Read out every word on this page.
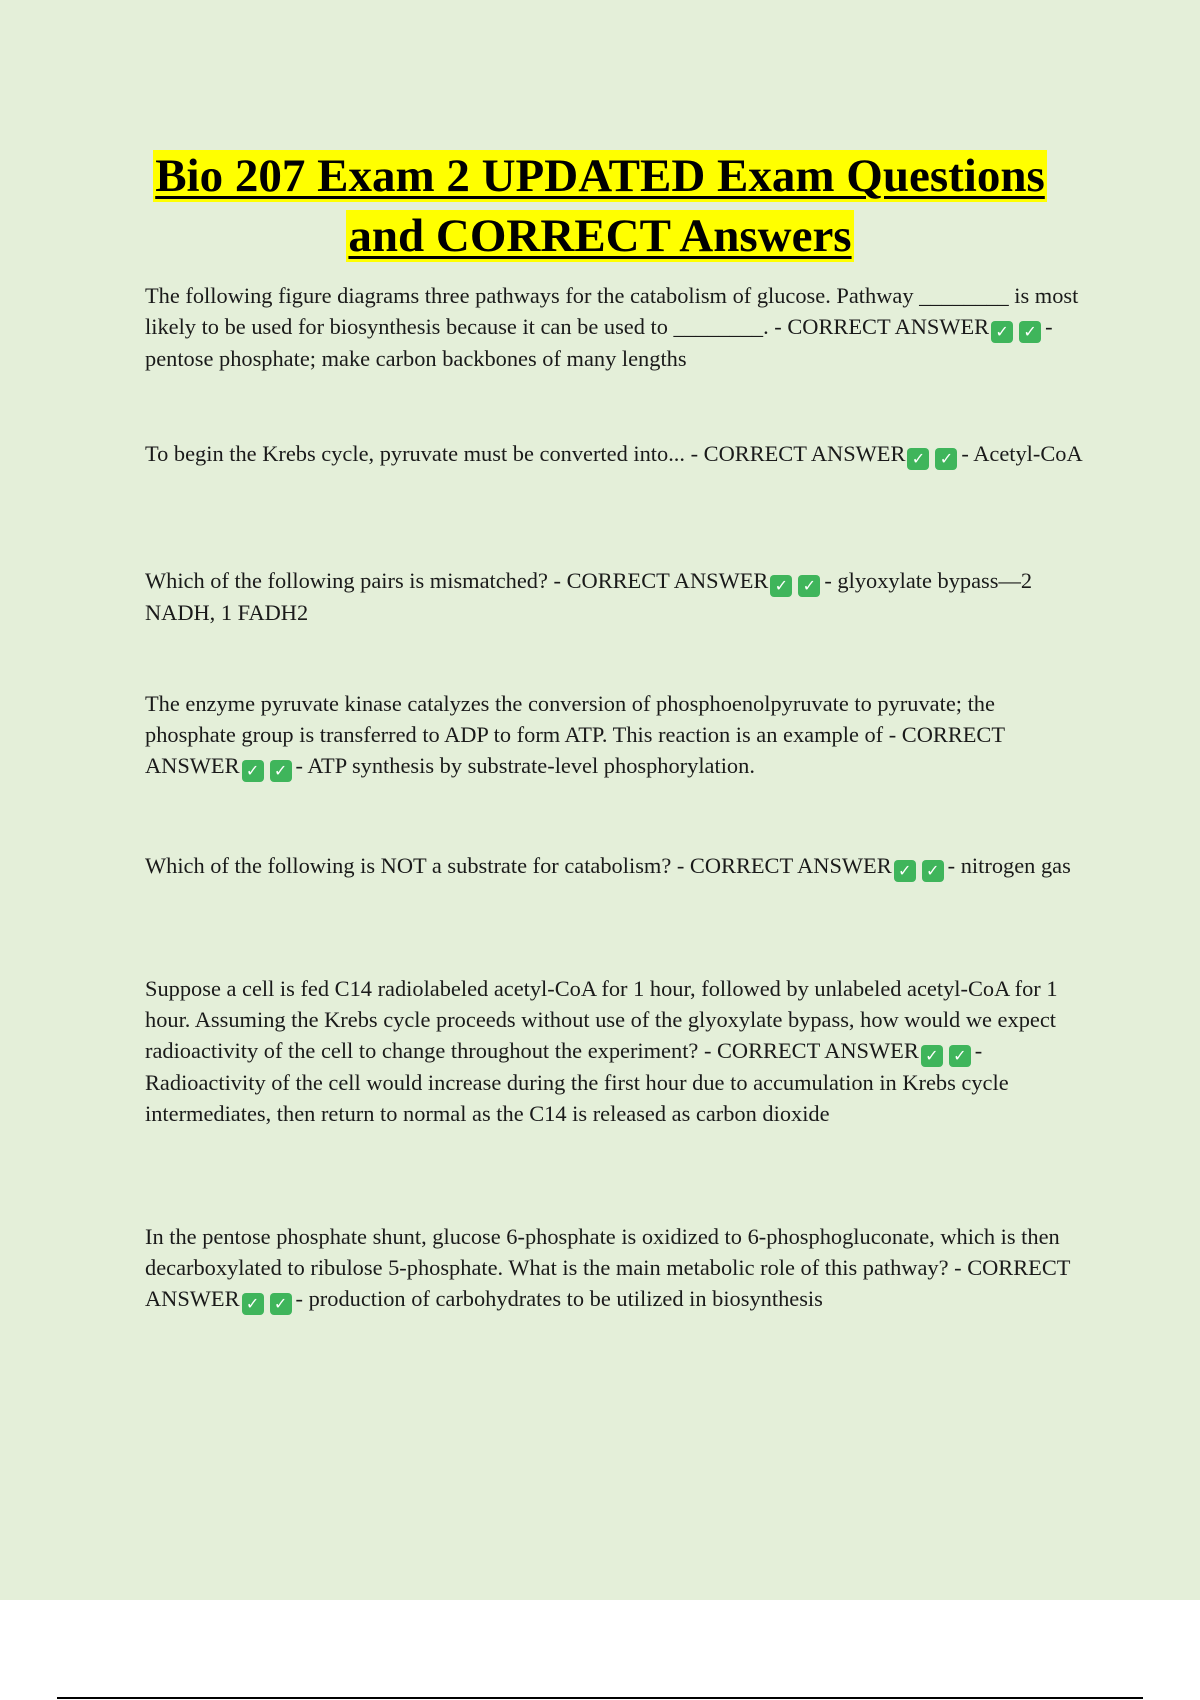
Bio 207 Exam 2 UPDATED Exam Questions
and CORRECT Answers
The following figure diagrams three pathways for the catabolism of glucose. Pathway ________ is most likely to be used for biosynthesis because it can be used to ________. - CORRECT ANSWER ✓ ✓ - pentose phosphate; make carbon backbones of many lengths
To begin the Krebs cycle, pyruvate must be converted into... - CORRECT ANSWER ✓ ✓ - Acetyl-CoA
Which of the following pairs is mismatched? - CORRECT ANSWER ✓ ✓ - glyoxylate bypass—2 NADH, 1 FADH2
The enzyme pyruvate kinase catalyzes the conversion of phosphoenolpyruvate to pyruvate; the phosphate group is transferred to ADP to form ATP. This reaction is an example of - CORRECT ANSWER ✓ ✓ - ATP synthesis by substrate-level phosphorylation.
Which of the following is NOT a substrate for catabolism? - CORRECT ANSWER ✓ ✓ - nitrogen gas
Suppose a cell is fed C14 radiolabeled acetyl-CoA for 1 hour, followed by unlabeled acetyl-CoA for 1 hour. Assuming the Krebs cycle proceeds without use of the glyoxylate bypass, how would we expect radioactivity of the cell to change throughout the experiment? - CORRECT ANSWER ✓ ✓ - Radioactivity of the cell would increase during the first hour due to accumulation in Krebs cycle intermediates, then return to normal as the C14 is released as carbon dioxide
In the pentose phosphate shunt, glucose 6-phosphate is oxidized to 6-phosphogluconate, which is then decarboxylated to ribulose 5-phosphate. What is the main metabolic role of this pathway? - CORRECT ANSWER ✓ ✓ - production of carbohydrates to be utilized in biosynthesis
